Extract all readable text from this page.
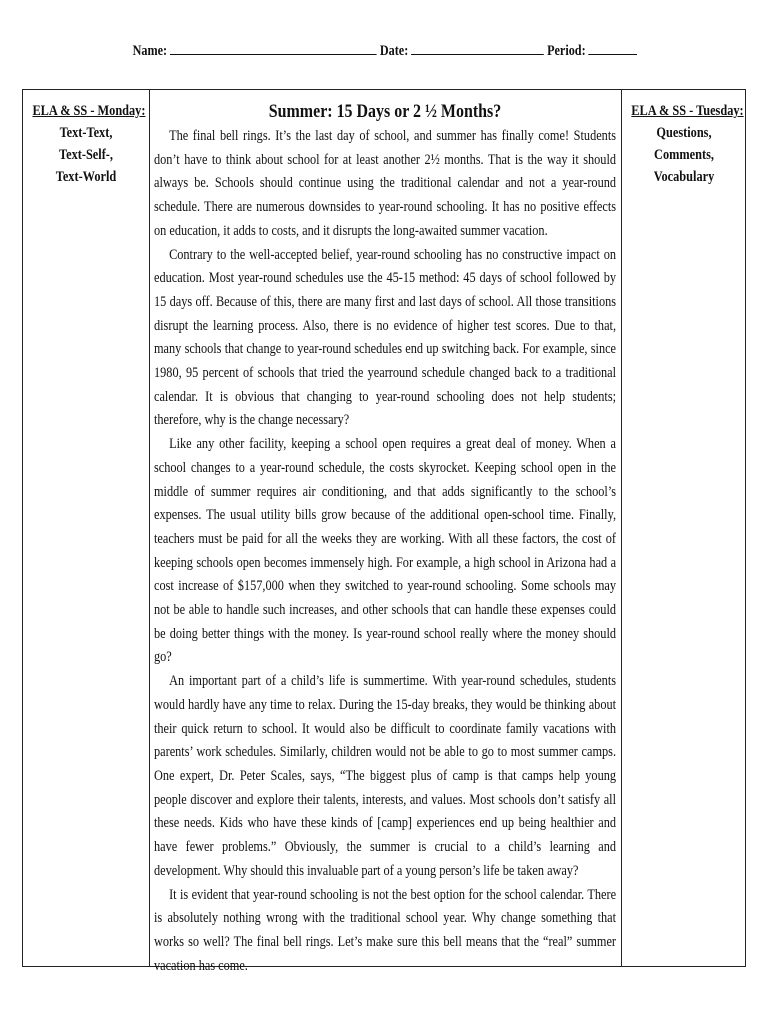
Name:	Date:	Period:
ELA & SS - Monday:
Text-Text,
Text-Self-,
Text-World
Summer: 15 Days or 2 ½ Months?

The final bell rings. It’s the last day of school, and summer has finally come! Students don’t have to think about school for at least another 2½ months. That is the way it should always be. Schools should continue using the traditional calendar and not a year-round schedule. There are numerous downsides to year-round schooling. It has no positive effects on education, it adds to costs, and it disrupts the long-awaited summer vacation.

Contrary to the well-accepted belief, year-round schooling has no constructive impact on education. Most year-round schedules use the 45-15 method: 45 days of school followed by 15 days off. Because of this, there are many first and last days of school. All those transitions disrupt the learning process. Also, there is no evidence of higher test scores. Due to that, many schools that change to year-round schedules end up switching back. For example, since 1980, 95 percent of schools that tried the yearround schedule changed back to a traditional calendar. It is obvious that changing to year-round schooling does not help students; therefore, why is the change necessary?

Like any other facility, keeping a school open requires a great deal of money. When a school changes to a year-round schedule, the costs skyrocket. Keeping school open in the middle of summer requires air conditioning, and that adds significantly to the school’s expenses. The usual utility bills grow because of the additional open-school time. Finally, teachers must be paid for all the weeks they are working. With all these factors, the cost of keeping schools open becomes immensely high. For example, a high school in Arizona had a cost increase of $157,000 when they switched to year-round schooling. Some schools may not be able to handle such increases, and other schools that can handle these expenses could be doing better things with the money. Is year-round school really where the money should go?

An important part of a child’s life is summertime. With year-round schedules, students would hardly have any time to relax. During the 15-day breaks, they would be thinking about their quick return to school. It would also be difficult to coordinate family vacations with parents’ work schedules. Similarly, children would not be able to go to most summer camps. One expert, Dr. Peter Scales, says, “The biggest plus of camp is that camps help young people discover and explore their talents, interests, and values. Most schools don’t satisfy all these needs. Kids who have these kinds of [camp] experiences end up being healthier and have fewer problems.” Obviously, the summer is crucial to a child’s learning and development. Why should this invaluable part of a young person’s life be taken away?

It is evident that year-round schooling is not the best option for the school calendar. There is absolutely nothing wrong with the traditional school year. Why change something that works so well? The final bell rings. Let’s make sure this bell means that the “real” summer vacation has come.

ELA & SS - Tuesday:
Questions, Comments,
Vocabulary
